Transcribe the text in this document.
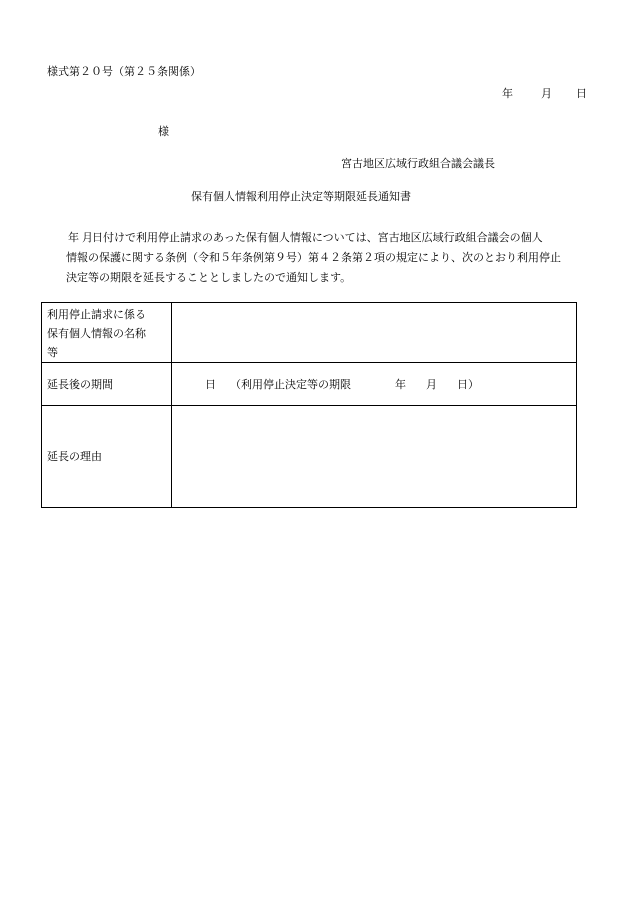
様式第２０号（第２５条関係）
年	月 日
様
宮古地区広域行政組合議会議長
保有個人情報利用停止決定等期限延長通知書
年 月日付けで利用停止請求のあった保有個人情報については、宮古地区広域行政組合議会の個人
情報の保護に関する条例（令和５年条例第９号）第４２条第２項の規定により、次のとおり利用停止
決定等の期限を延長することとしましたので通知します。
利用停止請求に係る
保有個人情報の名称
等	

延長後の期間	日 （利用停止決定等の期限 年 月 日）
延長の理由	
